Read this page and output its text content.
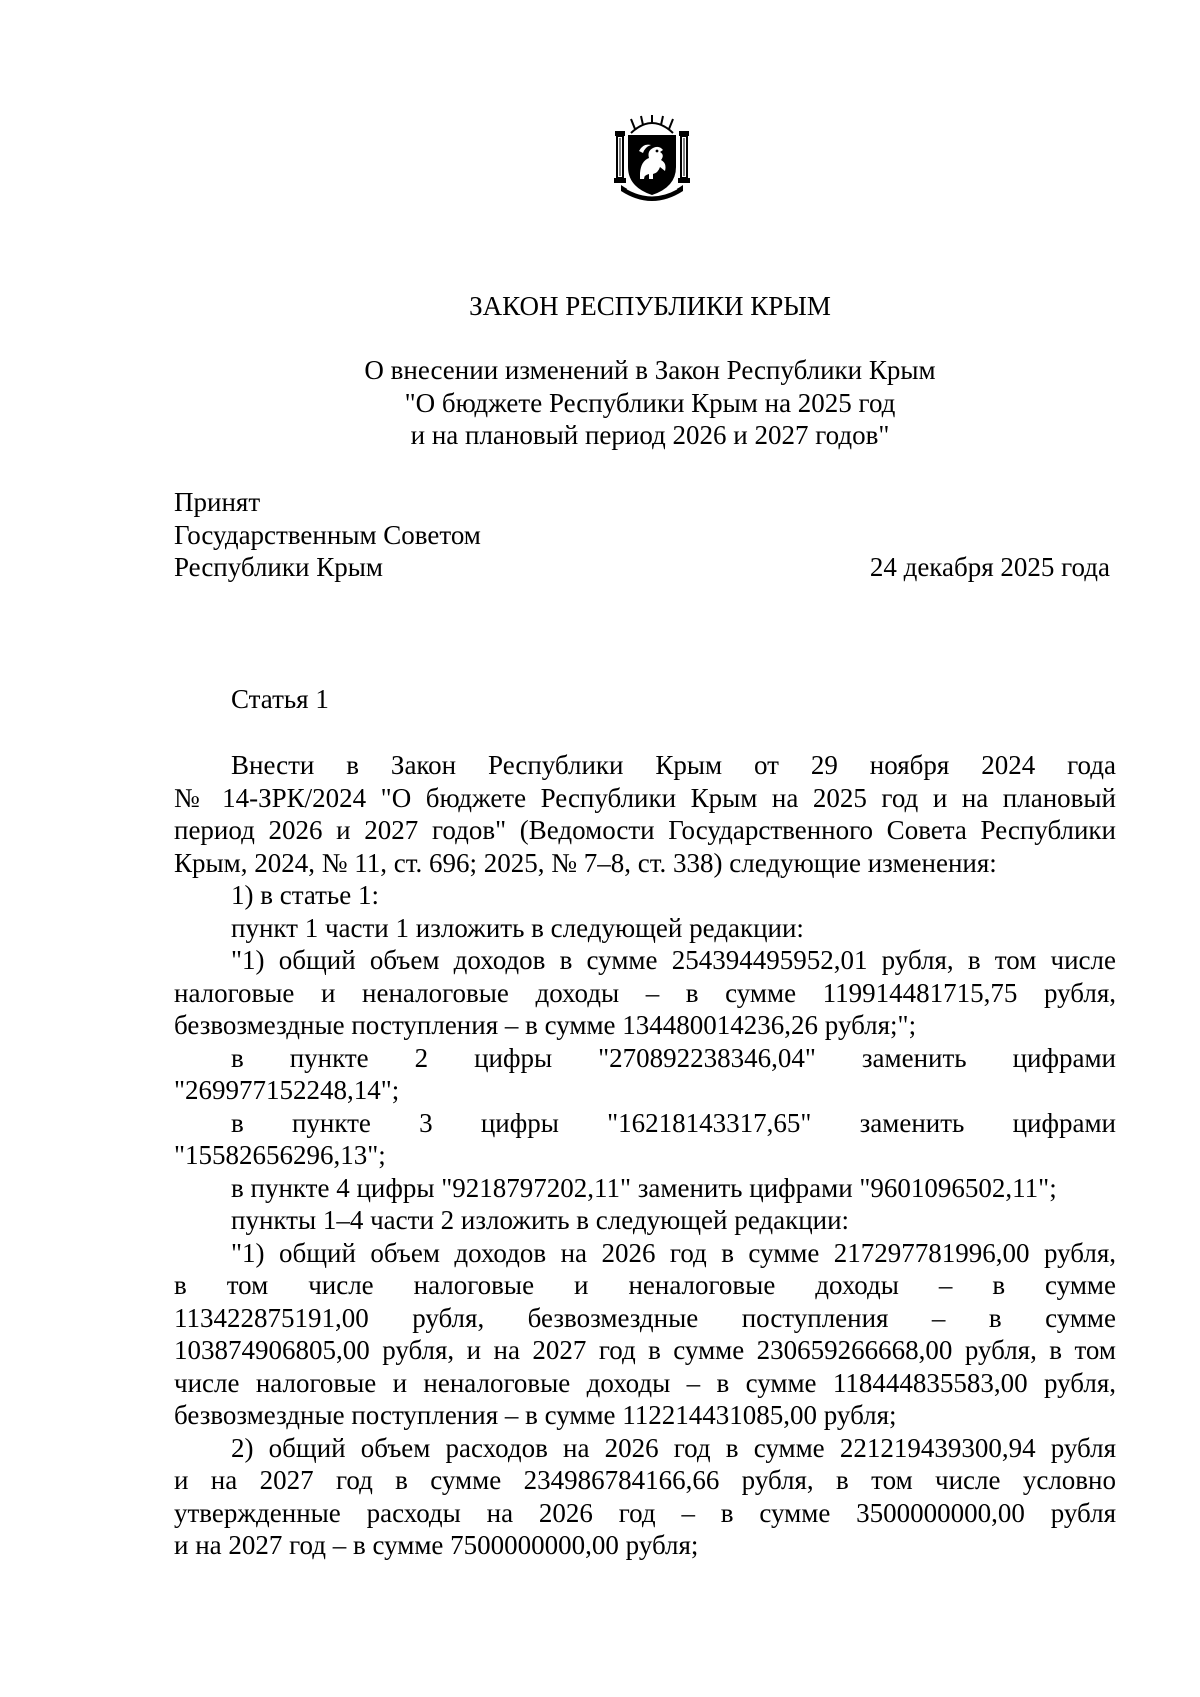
ЗАКОН РЕСПУБЛИКИ КРЫМ
О внесении изменений в Закон Республики Крым
"О бюджете Республики Крым на 2025 год
и на плановый период 2026 и 2027 годов"
Принят
Государственным Советом
Республики Крым	24 декабря 2025 года
Статья 1
Внести в Закон Республики Крым от 29 ноября 2024 года
№ 14-ЗРК/2024 "О бюджете Республики Крым на 2025 год и на плановый
период 2026 и 2027 годов" (Ведомости Государственного Совета Республики
Крым, 2024, № 11, ст. 696; 2025, № 7–8, ст. 338) следующие изменения:
1) в статье 1:
пункт 1 части 1 изложить в следующей редакции:
"1) общий объем доходов в сумме 254394495952,01 рубля, в том числе
налоговые и неналоговые доходы – в сумме 119914481715,75 рубля,
безвозмездные поступления – в сумме 134480014236,26 рубля;";
в пункте 2 цифры "270892238346,04" заменить цифрами
"269977152248,14";
в пункте 3 цифры "16218143317,65" заменить цифрами
"15582656296,13";
в пункте 4 цифры "9218797202,11" заменить цифрами "9601096502,11";
пункты 1–4 части 2 изложить в следующей редакции:
"1) общий объем доходов на 2026 год в сумме 217297781996,00 рубля,
в том числе налоговые и неналоговые доходы – в сумме
113422875191,00 рубля, безвозмездные поступления – в сумме
103874906805,00 рубля, и на 2027 год в сумме 230659266668,00 рубля, в том
числе налоговые и неналоговые доходы – в сумме 118444835583,00 рубля,
безвозмездные поступления – в сумме 112214431085,00 рубля;
2) общий объем расходов на 2026 год в сумме 221219439300,94 рубля
и на 2027 год в сумме 234986784166,66 рубля, в том числе условно
утвержденные расходы на 2026 год – в сумме 3500000000,00 рубля
и на 2027 год – в сумме 7500000000,00 рубля;
